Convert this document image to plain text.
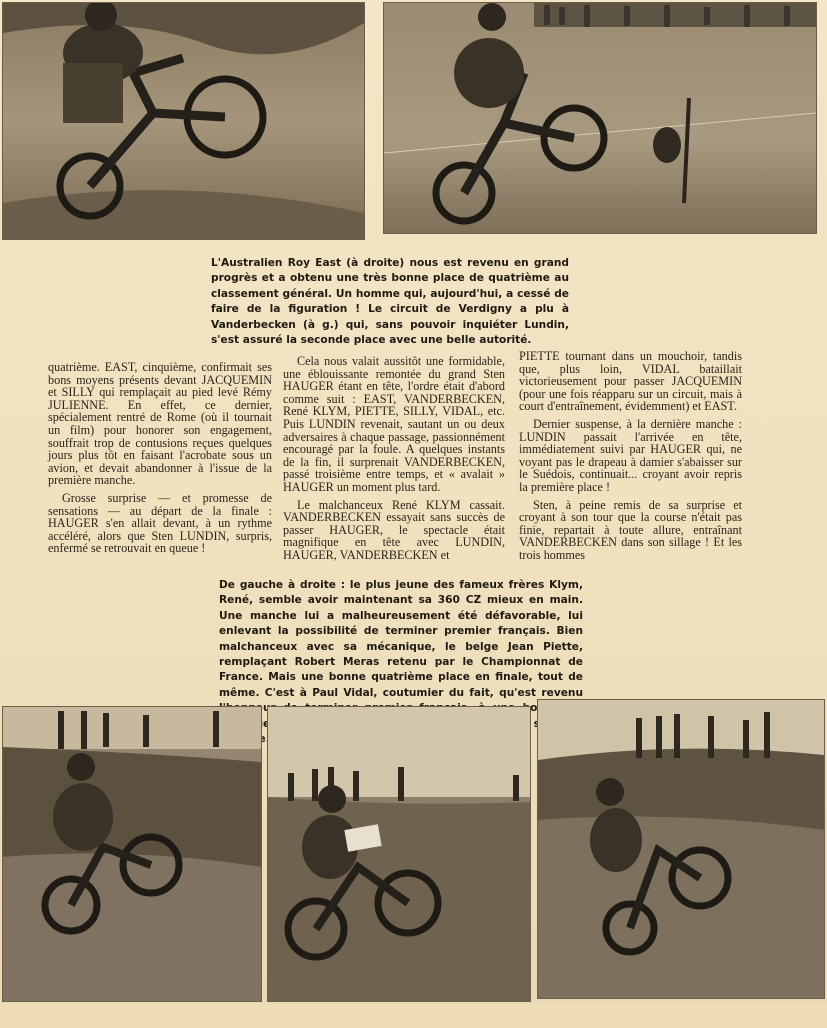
L'Australien Roy East (à droite) nous est revenu en grand progrès et a obtenu une très bonne place de quatrième au classement général. Un homme qui, aujourd'hui, a cessé de faire de la figuration ! Le circuit de Verdigny a plu à Vanderbecken (à g.) qui, sans pouvoir inquiéter Lundin, s'est assuré la seconde place avec une belle autorité.

quatrième. EAST, cinquième, confirmait ses bons moyens présents devant JACQUEMIN et SILLY qui remplaçait au pied levé Rémy JULIENNE. En effet, ce dernier, spécialement rentré de Rome (où il tournait un film) pour honorer son engagement, souffrait trop de contusions reçues quelques jours plus tôt en faisant l'acrobate sous un avion, et devait abandonner à l'issue de la première manche.

Grosse surprise — et promesse de sensations — au départ de la finale : HAUGER s'en allait devant, à un rythme accéléré, alors que Sten LUNDIN, surpris, enfermé se retrouvait en queue !

Cela nous valait aussitôt une formidable, une éblouissante remontée du grand Sten HAUGER étant en tête, l'ordre était d'abord comme suit : EAST, VANDERBECKEN, René KLYM, PIETTE, SILLY, VIDAL, etc. Puis LUNDIN revenait, sautant un ou deux adversaires à chaque passage, passionnément encouragé par la foule. A quelques instants de la fin, il surprenait VANDERBECKEN, passé troisième entre temps, et « avalait » HAUGER un moment plus tard.

Le malchanceux René KLYM cassait. VANDERBECKEN essayait sans succès de passer HAUGER, le spectacle était magnifique en tête avec LUNDIN, HAUGER, VANDERBECKEN et

PIETTE tournant dans un mouchoir, tandis que, plus loin, VIDAL bataillait victorieusement pour passer JACQUEMIN (pour une fois réapparu sur un circuit, mais à court d'entraînement, évidemment) et EAST.

Dernier suspense, à la dernière manche : LUNDIN passait l'arrivée en tête, immédiatement suivi par HAUGER qui, ne voyant pas le drapeau à damier s'abaisser sur le Suédois, continuait... croyant avoir repris la première place !

Sten, à peine remis de sa surprise et croyant à son tour que la course n'était pas finie, repartait à toute allure, entraînant VANDERBECKEN dans son sillage ! Et les trois hommes

De gauche à droite : le plus jeune des fameux frères Klym, René, semble avoir maintenant sa 360 CZ mieux en main. Une manche lui a malheureusement été défavorable, lui enlevant la possibilité de terminer premier français. Bien malchanceux avec sa mécanique, le belge Jean Piette, remplaçant Robert Meras retenu par le Championnat de France. Mais une bonne quatrième place en finale, tout de même. C'est à Paul Vidal, coutumier du fait, qu'est revenu de
